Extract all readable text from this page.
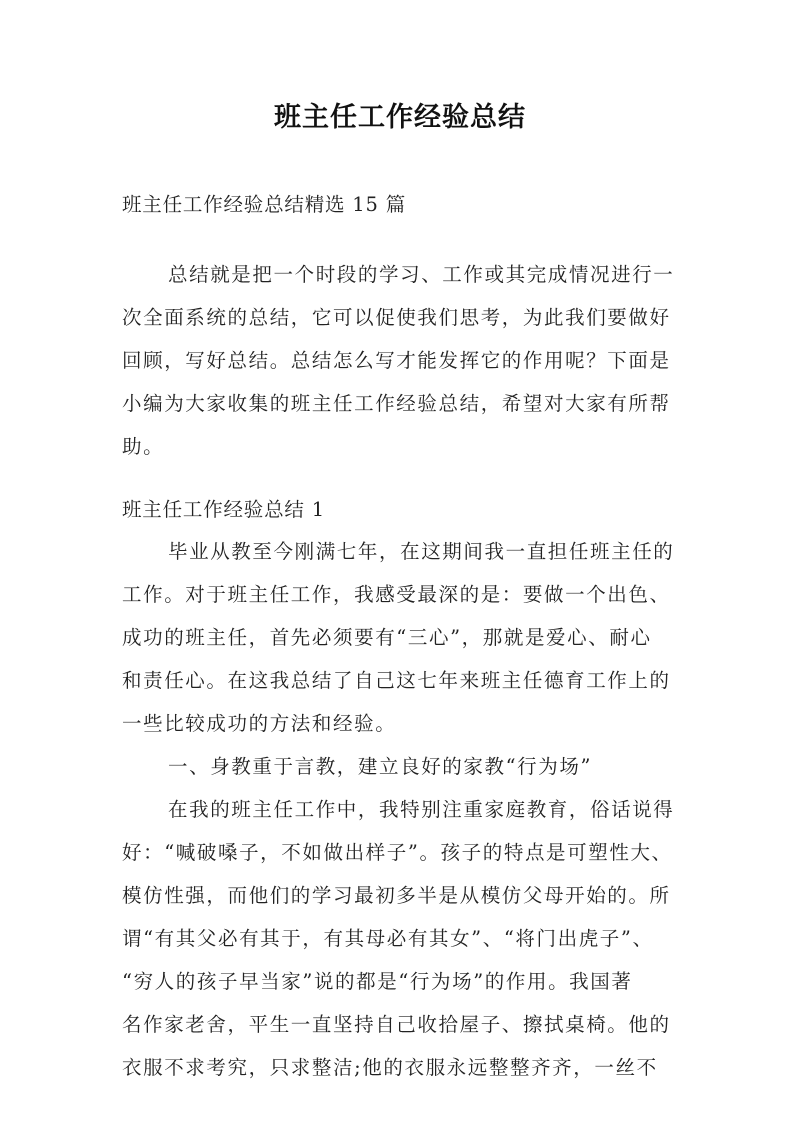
班主任工作经验总结
班主任工作经验总结精选 15 篇
总结就是把一个时段的学习、工作或其完成情况进行一
次全面系统的总结，它可以促使我们思考，为此我们要做好
回顾，写好总结。总结怎么写才能发挥它的作用呢？下面是
小编为大家收集的班主任工作经验总结，希望对大家有所帮
助。
班主任工作经验总结 1
毕业从教至今刚满七年，在这期间我一直担任班主任的
工作。对于班主任工作，我感受最深的是：要做一个出色、
成功的班主任，首先必须要有“三心”，那就是爱心、耐心
和责任心。在这我总结了自己这七年来班主任德育工作上的
一些比较成功的方法和经验。
一、身教重于言教，建立良好的家教“行为场”
在我的班主任工作中，我特别注重家庭教育，俗话说得
好：“喊破嗓子，不如做出样子”。孩子的特点是可塑性大、
模仿性强，而他们的学习最初多半是从模仿父母开始的。所
谓“有其父必有其于，有其母必有其女”、“将门出虎子”、
“穷人的孩子早当家”说的都是“行为场”的作用。我国著
名作家老舍，平生一直坚持自己收拾屋子、擦拭桌椅。他的
衣服不求考究，只求整洁;他的衣服永远整整齐齐，一丝不
